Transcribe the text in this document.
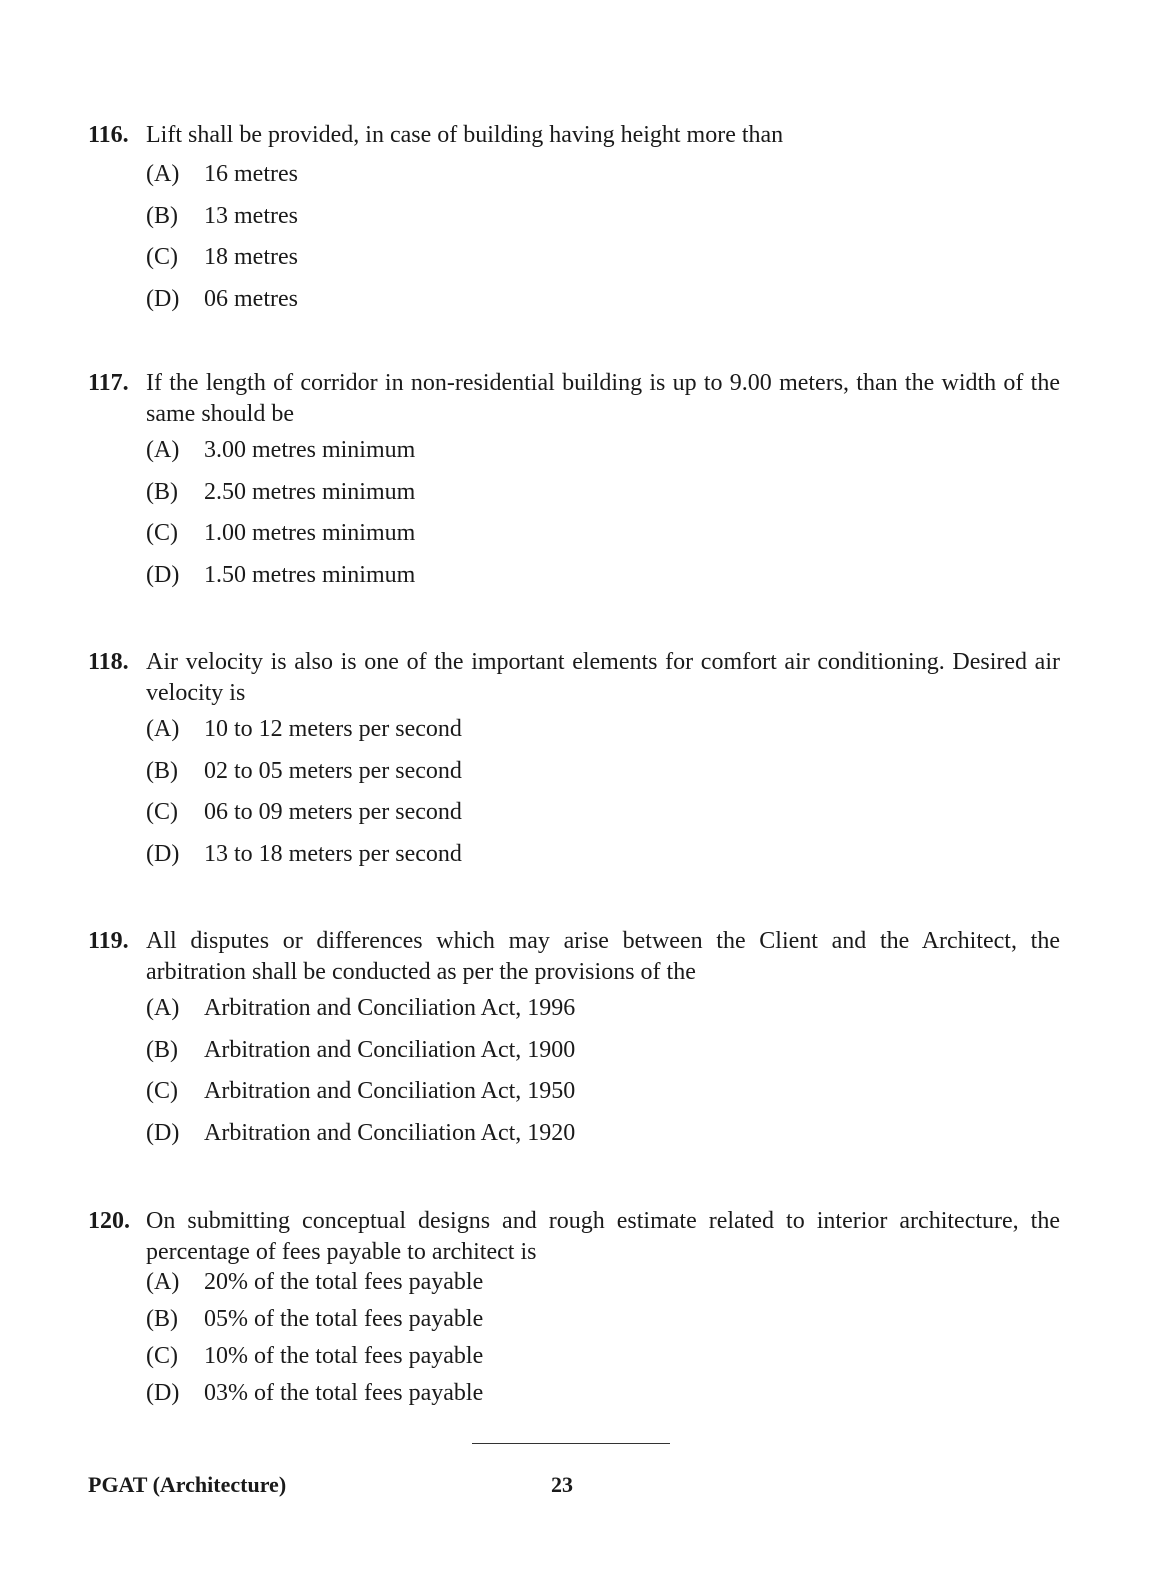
116. Lift shall be provided, in case of building having height more than
(A)	16 metres
(B)	13 metres
(C)	18 metres
(D)	06 metres
117. If the length of corridor in non-residential building is up to 9.00 meters, than the width of the same should be
(A)	3.00 metres minimum
(B)	2.50 metres minimum
(C)	1.00 metres minimum
(D)	1.50 metres minimum
118. Air velocity is also is one of the important elements for comfort air conditioning. Desired air velocity is
(A)	10 to 12 meters per second
(B)	02 to 05 meters per second
(C)	06 to 09 meters per second
(D)	13 to 18 meters per second
119. All disputes or differences which may arise between the Client and the Architect, the arbitration shall be conducted as per the provisions of the
(A)	Arbitration and Conciliation Act, 1996
(B)	Arbitration and Conciliation Act, 1900
(C)	Arbitration and Conciliation Act, 1950
(D)	Arbitration and Conciliation Act, 1920
120. On submitting conceptual designs and rough estimate related to interior architecture, the percentage of fees payable to architect is
(A)	20% of the total fees payable
(B)	05% of the total fees payable
(C)	10% of the total fees payable
(D)	03% of the total fees payable
PGAT (Architecture)	23
